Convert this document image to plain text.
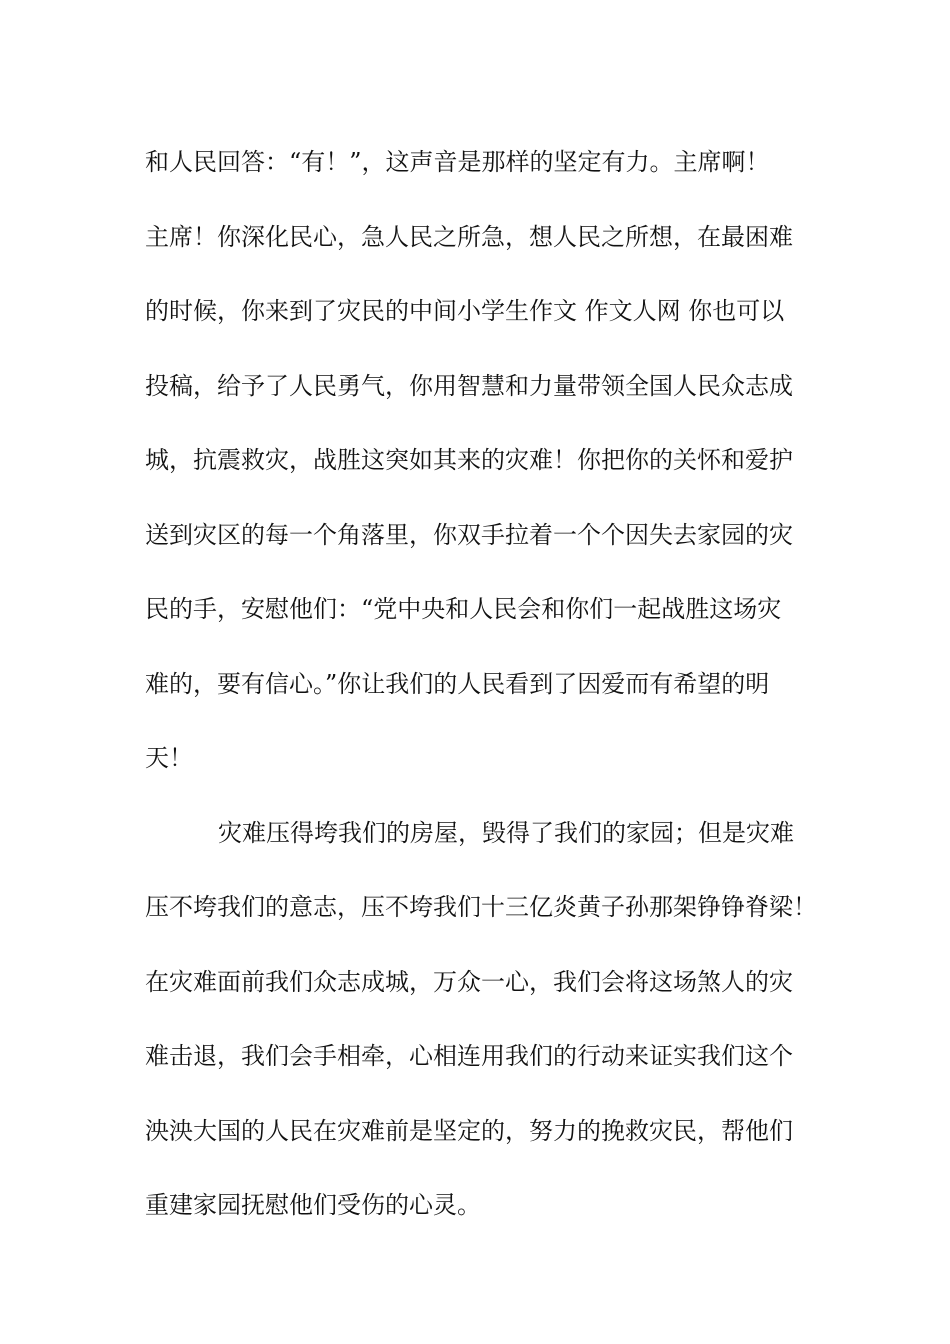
和人民回答：“有！”，这声音是那样的坚定有力。主席啊！
主席！你深化民心，急人民之所急，想人民之所想，在最困难
的时候，你来到了灾民的中间小学生作文 作文人网 你也可以
投稿，给予了人民勇气，你用智慧和力量带领全国人民众志成
城，抗震救灾，战胜这突如其来的灾难！你把你的关怀和爱护
送到灾区的每一个角落里，你双手拉着一个个因失去家园的灾
民的手，安慰他们：“党中央和人民会和你们一起战胜这场灾
难的，要有信心。”你让我们的人民看到了因爱而有希望的明
天！
灾难压得垮我们的房屋，毁得了我们的家园；但是灾难
压不垮我们的意志，压不垮我们十三亿炎黄子孙那架铮铮脊梁！
在灾难面前我们众志成城，万众一心，我们会将这场煞人的灾
难击退，我们会手相牵，心相连用我们的行动来证实我们这个
泱泱大国的人民在灾难前是坚定的，努力的挽救灾民，帮他们
重建家园抚慰他们受伤的心灵。
